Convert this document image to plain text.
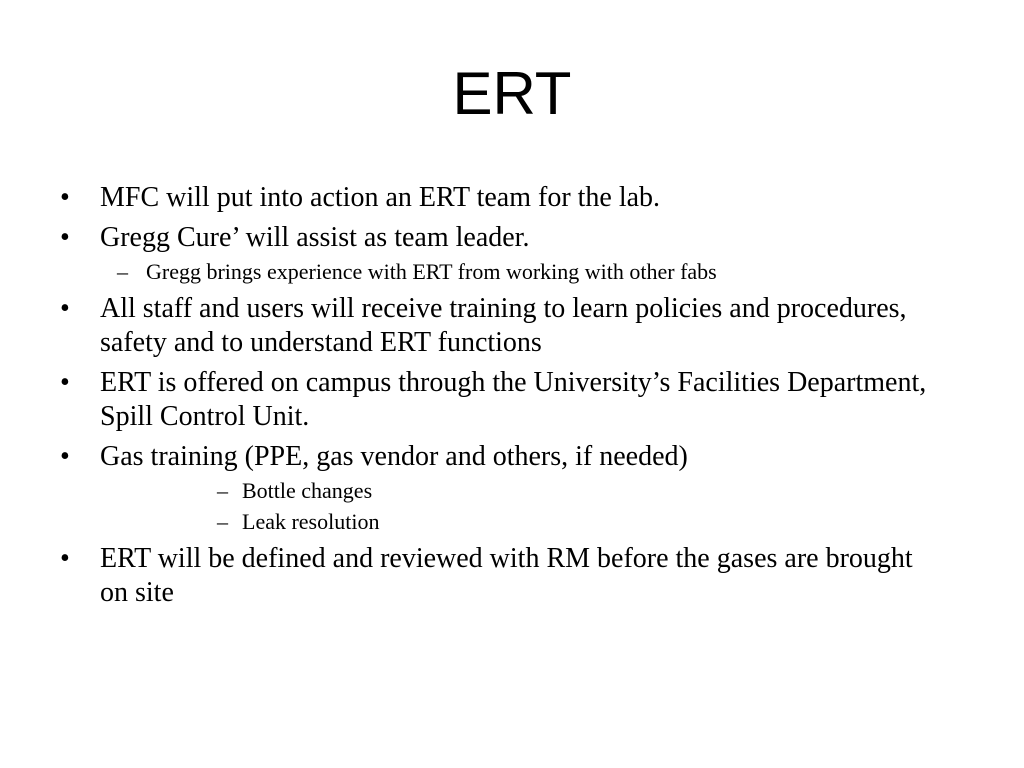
ERT
• MFC will put into action an ERT team for the lab.
• Gregg Cure’ will assist as team leader.
– Gregg brings experience with ERT from working with other fabs
• All staff and users will receive training to learn policies and procedures, safety and to understand ERT functions
• ERT is offered on campus through the University’s Facilities Department, Spill Control Unit.
• Gas training (PPE, gas vendor and others, if needed)
– Bottle changes
– Leak resolution
• ERT will be defined and reviewed with RM before the gases are brought on site
